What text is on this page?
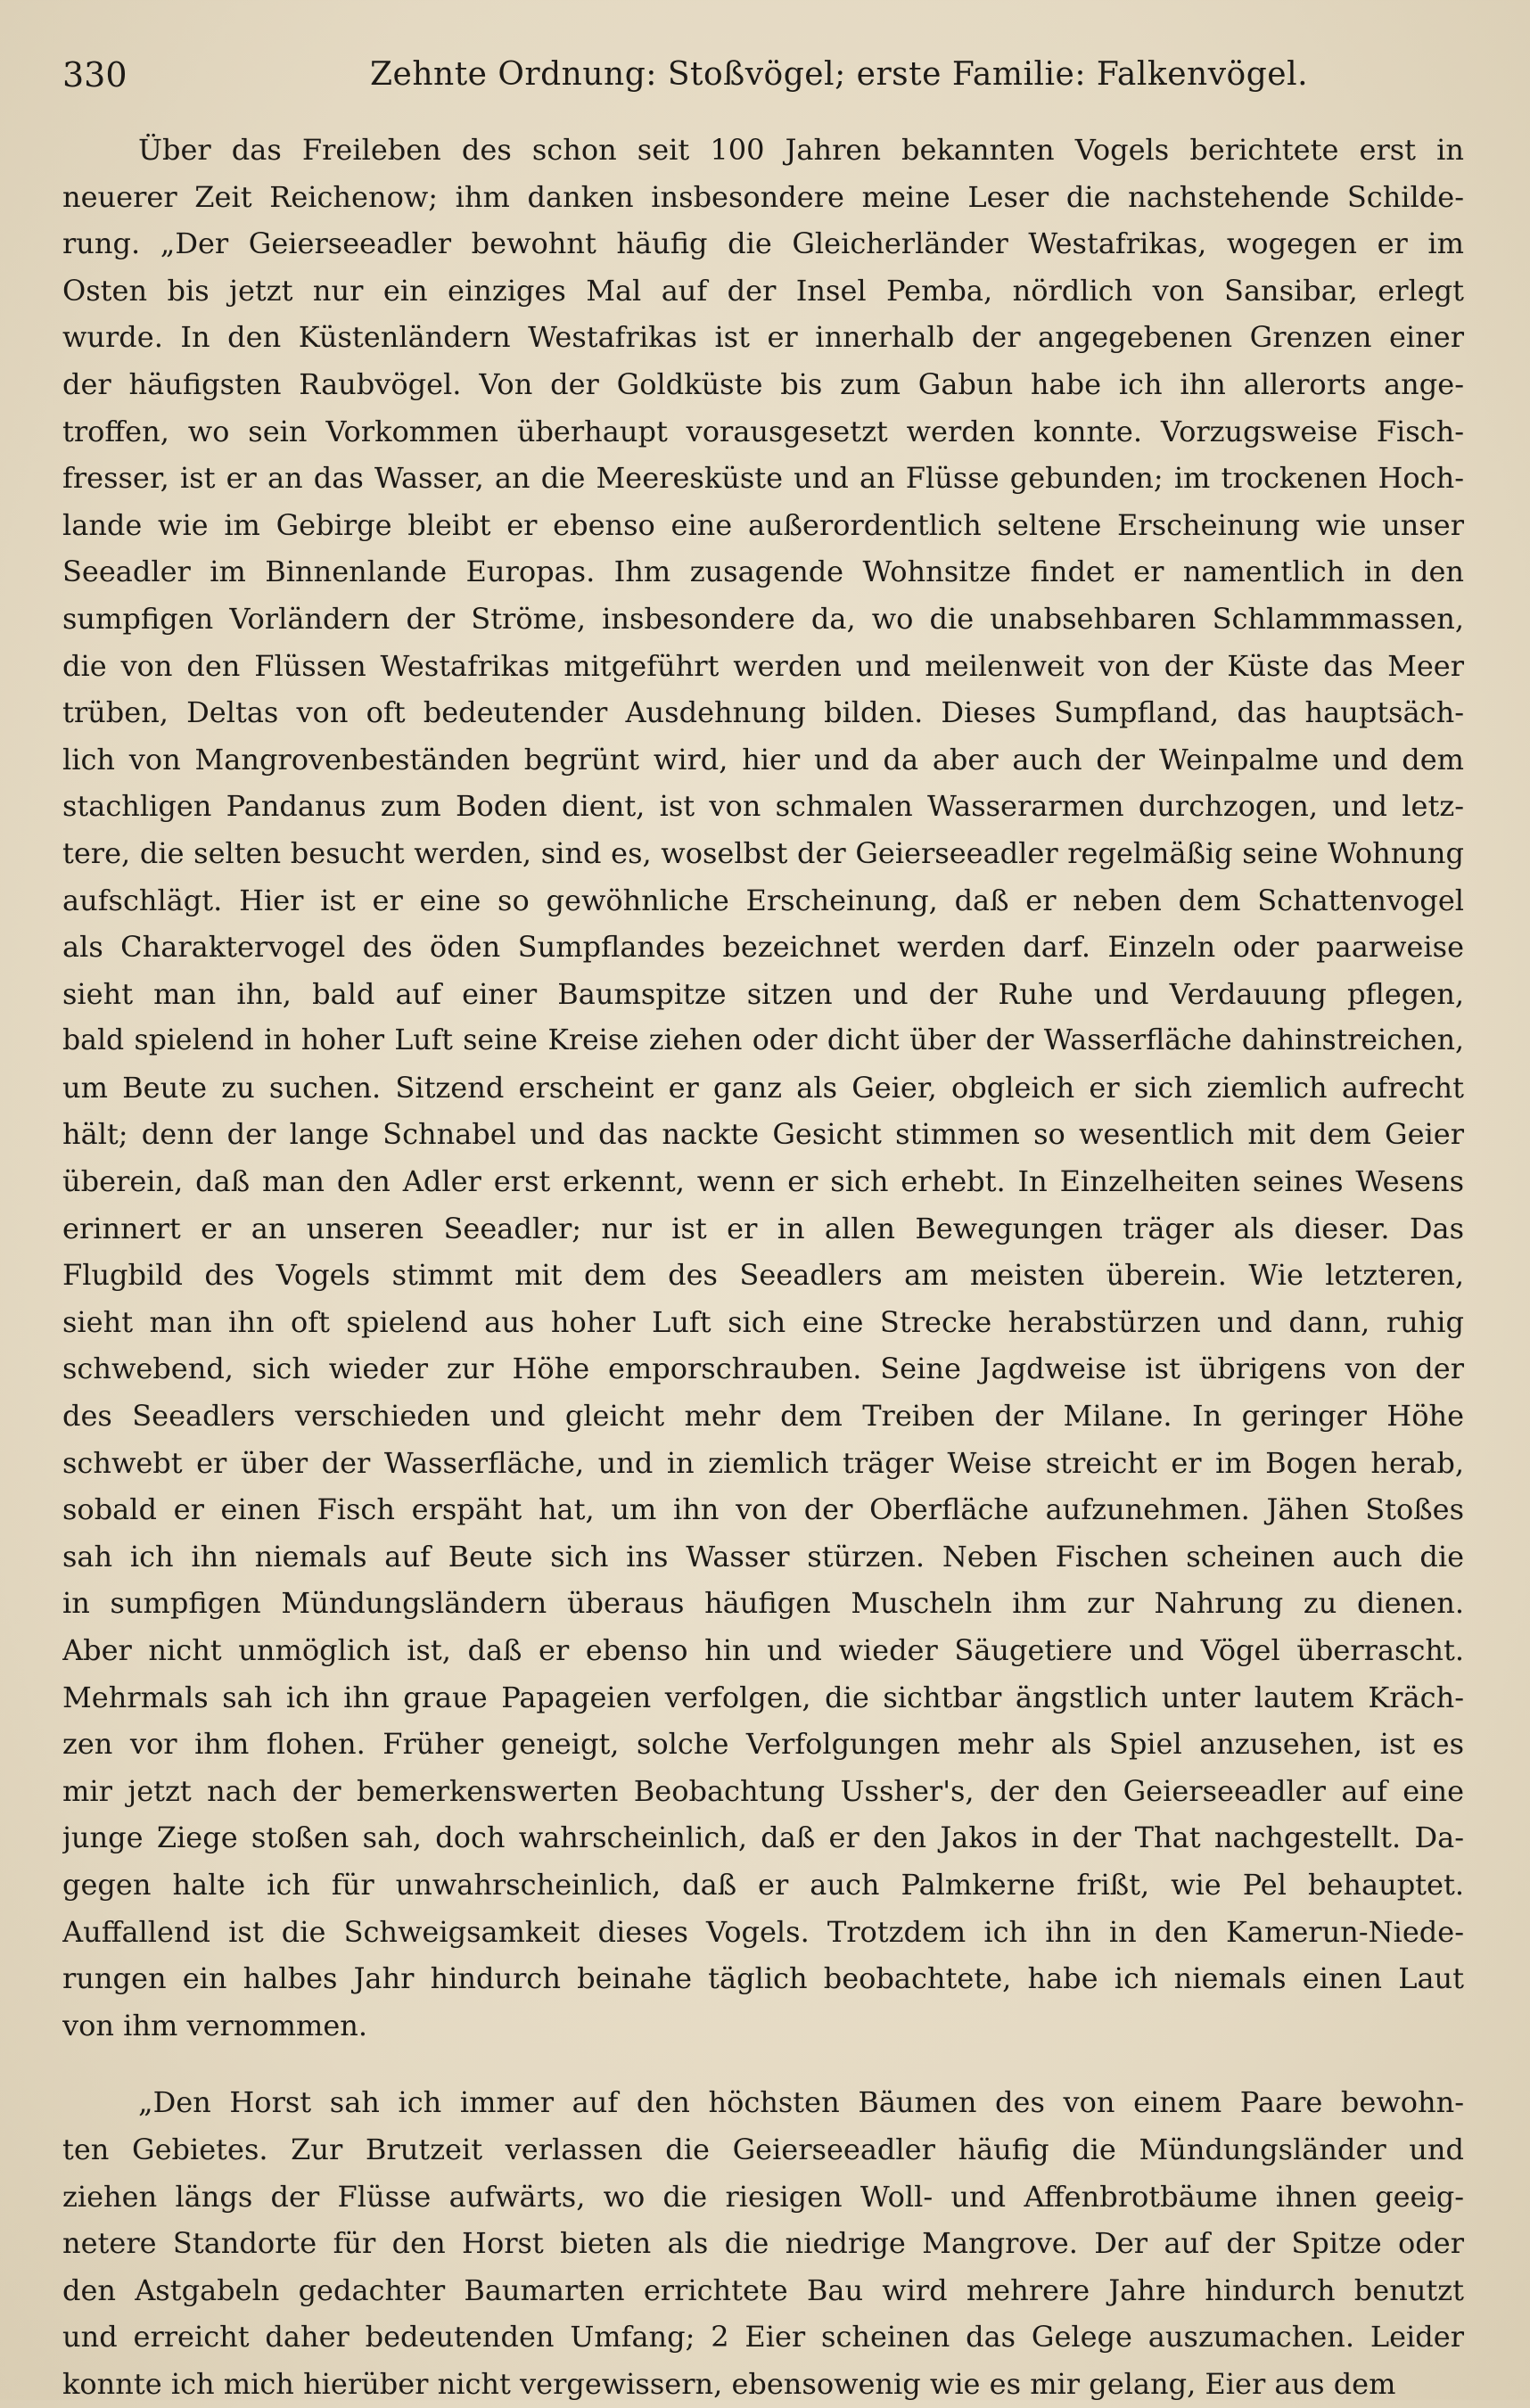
330	Zehnte Ordnung: Stoßvögel; erste Familie: Falkenvögel.

Über das Freileben des schon seit 100 Jahren bekannten Vogels berichtete erst in
neuerer Zeit Reichenow; ihm danken insbesondere meine Leser die nachstehende Schilde-
rung. „Der Geierseeadler bewohnt häufig die Gleicherländer Westafrikas, wogegen er im
Osten bis jetzt nur ein einziges Mal auf der Insel Pemba, nördlich von Sansibar, erlegt
wurde. In den Küstenländern Westafrikas ist er innerhalb der angegebenen Grenzen einer
der häufigsten Raubvögel. Von der Goldküste bis zum Gabun habe ich ihn allerorts ange-
troffen, wo sein Vorkommen überhaupt vorausgesetzt werden konnte. Vorzugsweise Fisch-
fresser, ist er an das Wasser, an die Meeresküste und an Flüsse gebunden; im trockenen Hoch-
lande wie im Gebirge bleibt er ebenso eine außerordentlich seltene Erscheinung wie unser
Seeadler im Binnenlande Europas. Ihm zusagende Wohnsitze findet er namentlich in den
sumpfigen Vorländern der Ströme, insbesondere da, wo die unabsehbaren Schlammmassen,
die von den Flüssen Westafrikas mitgeführt werden und meilenweit von der Küste das Meer
trüben, Deltas von oft bedeutender Ausdehnung bilden. Dieses Sumpfland, das hauptsäch-
lich von Mangrovenbeständen begrünt wird, hier und da aber auch der Weinpalme und dem
stachligen Pandanus zum Boden dient, ist von schmalen Wasserarmen durchzogen, und letz-
tere, die selten besucht werden, sind es, woselbst der Geierseeadler regelmäßig seine Wohnung
aufschlägt. Hier ist er eine so gewöhnliche Erscheinung, daß er neben dem Schattenvogel
als Charaktervogel des öden Sumpflandes bezeichnet werden darf. Einzeln oder paarweise
sieht man ihn, bald auf einer Baumspitze sitzen und der Ruhe und Verdauung pflegen,
bald spielend in hoher Luft seine Kreise ziehen oder dicht über der Wasserfläche dahinstreichen,
um Beute zu suchen. Sitzend erscheint er ganz als Geier, obgleich er sich ziemlich aufrecht
hält; denn der lange Schnabel und das nackte Gesicht stimmen so wesentlich mit dem Geier
überein, daß man den Adler erst erkennt, wenn er sich erhebt. In Einzelheiten seines Wesens
erinnert er an unseren Seeadler; nur ist er in allen Bewegungen träger als dieser. Das
Flugbild des Vogels stimmt mit dem des Seeadlers am meisten überein. Wie letzteren,
sieht man ihn oft spielend aus hoher Luft sich eine Strecke herabstürzen und dann, ruhig
schwebend, sich wieder zur Höhe emporschrauben. Seine Jagdweise ist übrigens von der
des Seeadlers verschieden und gleicht mehr dem Treiben der Milane. In geringer Höhe
schwebt er über der Wasserfläche, und in ziemlich träger Weise streicht er im Bogen herab,
sobald er einen Fisch erspäht hat, um ihn von der Oberfläche aufzunehmen. Jähen Stoßes
sah ich ihn niemals auf Beute sich ins Wasser stürzen. Neben Fischen scheinen auch die
in sumpfigen Mündungsländern überaus häufigen Muscheln ihm zur Nahrung zu dienen.
Aber nicht unmöglich ist, daß er ebenso hin und wieder Säugetiere und Vögel überrascht.
Mehrmals sah ich ihn graue Papageien verfolgen, die sichtbar ängstlich unter lautem Kräch-
zen vor ihm flohen. Früher geneigt, solche Verfolgungen mehr als Spiel anzusehen, ist es
mir jetzt nach der bemerkenswerten Beobachtung Ussher's, der den Geierseeadler auf eine
junge Ziege stoßen sah, doch wahrscheinlich, daß er den Jakos in der That nachgestellt. Da-
gegen halte ich für unwahrscheinlich, daß er auch Palmkerne frißt, wie Pel behauptet.
Auffallend ist die Schweigsamkeit dieses Vogels. Trotzdem ich ihn in den Kamerun-Niede-
rungen ein halbes Jahr hindurch beinahe täglich beobachtete, habe ich niemals einen Laut
von ihm vernommen.

„Den Horst sah ich immer auf den höchsten Bäumen des von einem Paare bewohn-
ten Gebietes. Zur Brutzeit verlassen die Geierseeadler häufig die Mündungsländer und
ziehen längs der Flüsse aufwärts, wo die riesigen Woll- und Affenbrotbäume ihnen geeig-
netere Standorte für den Horst bieten als die niedrige Mangrove. Der auf der Spitze oder
den Astgabeln gedachter Baumarten errichtete Bau wird mehrere Jahre hindurch benutzt
und erreicht daher bedeutenden Umfang; 2 Eier scheinen das Gelege auszumachen. Leider
konnte ich mich hierüber nicht vergewissern, ebensowenig wie es mir gelang, Eier aus dem
